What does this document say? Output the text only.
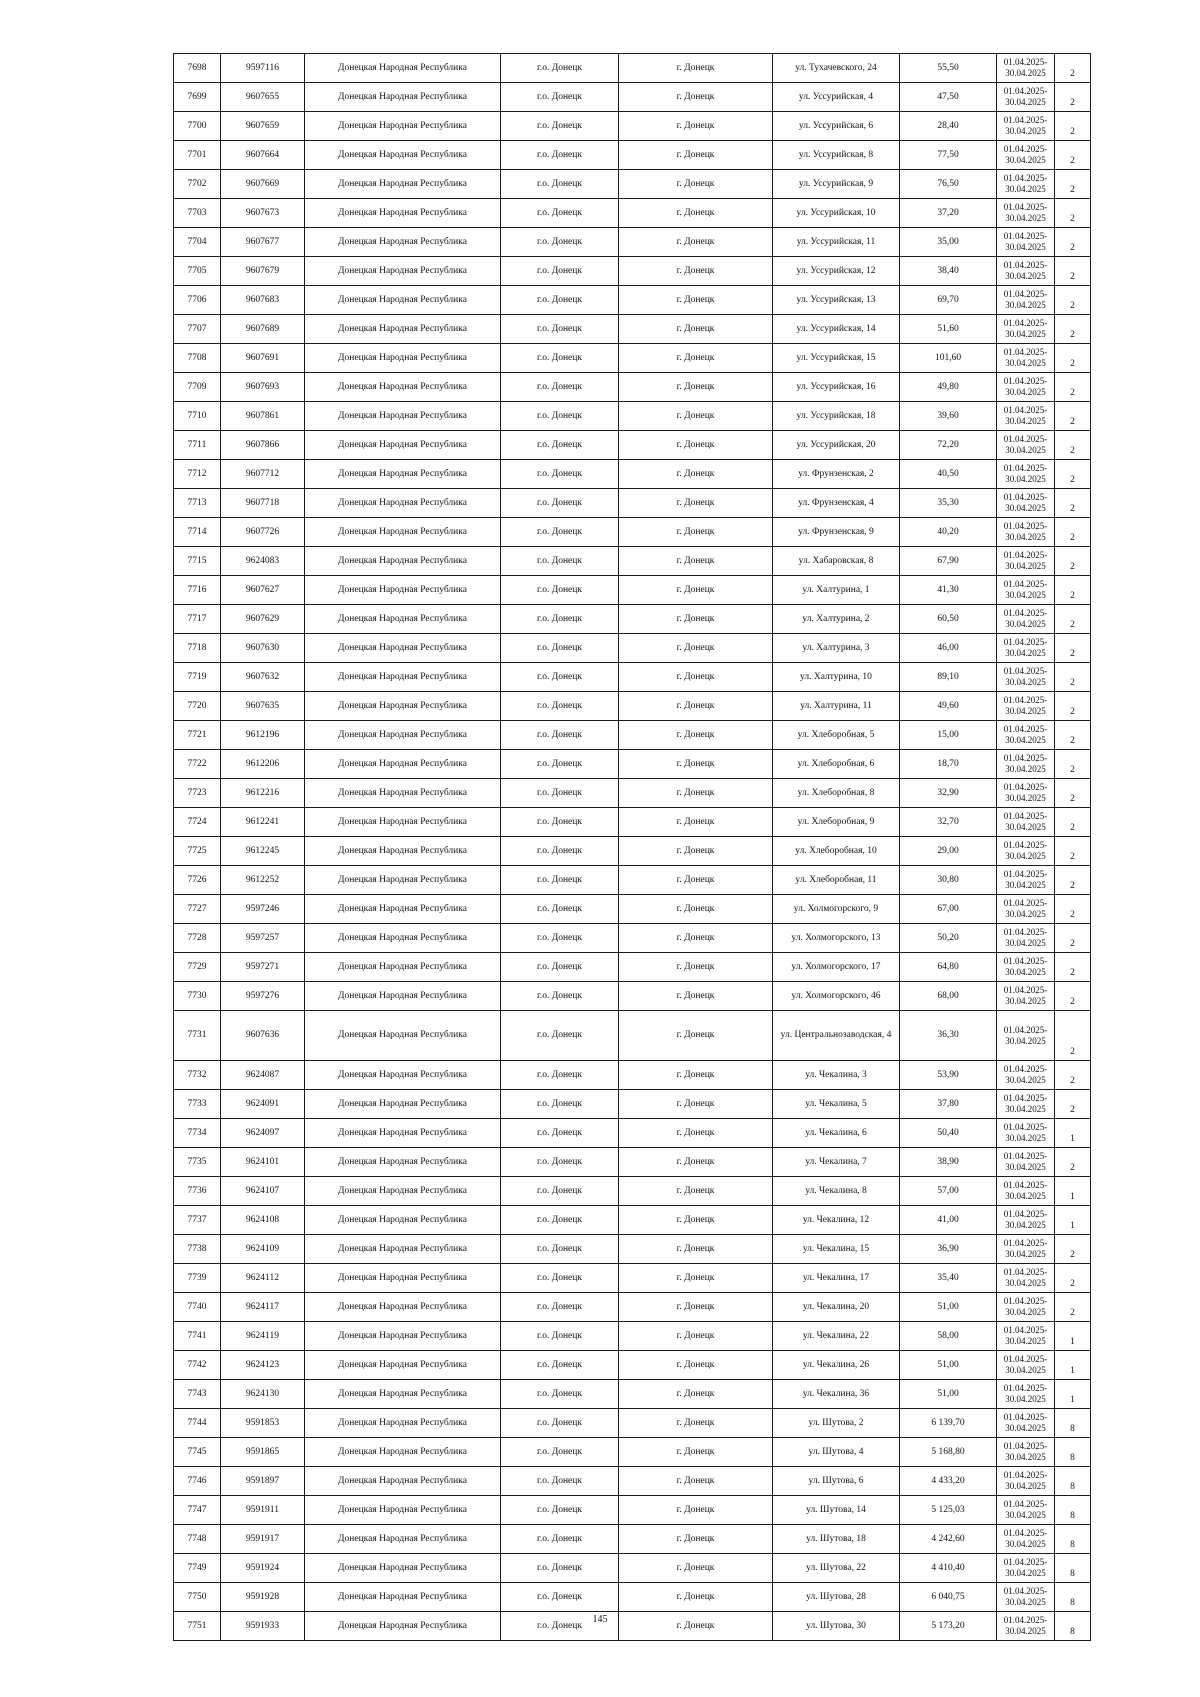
7698	9597116	Донецкая Народная Республика	г.о. Донецк	г. Донецк	ул. Тухачевского, 24	55,50	01.04.2025-
30.04.2025	2
7699	9607655	Донецкая Народная Республика	г.о. Донецк	г. Донецк	ул. Уссурийская, 4	47,50	01.04.2025-
30.04.2025	2
7700	9607659	Донецкая Народная Республика	г.о. Донецк	г. Донецк	ул. Уссурийская, 6	28,40	01.04.2025-
30.04.2025	2
7701	9607664	Донецкая Народная Республика	г.о. Донецк	г. Донецк	ул. Уссурийская, 8	77,50	01.04.2025-
30.04.2025	2
7702	9607669	Донецкая Народная Республика	г.о. Донецк	г. Донецк	ул. Уссурийская, 9	76,50	01.04.2025-
30.04.2025	2
7703	9607673	Донецкая Народная Республика	г.о. Донецк	г. Донецк	ул. Уссурийская, 10	37,20	01.04.2025-
30.04.2025	2
7704	9607677	Донецкая Народная Республика	г.о. Донецк	г. Донецк	ул. Уссурийская, 11	35,00	01.04.2025-
30.04.2025	2
7705	9607679	Донецкая Народная Республика	г.о. Донецк	г. Донецк	ул. Уссурийская, 12	38,40	01.04.2025-
30.04.2025	2
7706	9607683	Донецкая Народная Республика	г.о. Донецк	г. Донецк	ул. Уссурийская, 13	69,70	01.04.2025-
30.04.2025	2
7707	9607689	Донецкая Народная Республика	г.о. Донецк	г. Донецк	ул. Уссурийская, 14	51,60	01.04.2025-
30.04.2025	2
7708	9607691	Донецкая Народная Республика	г.о. Донецк	г. Донецк	ул. Уссурийская, 15	101,60	01.04.2025-
30.04.2025	2
7709	9607693	Донецкая Народная Республика	г.о. Донецк	г. Донецк	ул. Уссурийская, 16	49,80	01.04.2025-
30.04.2025	2
7710	9607861	Донецкая Народная Республика	г.о. Донецк	г. Донецк	ул. Уссурийская, 18	39,60	01.04.2025-
30.04.2025	2
7711	9607866	Донецкая Народная Республика	г.о. Донецк	г. Донецк	ул. Уссурийская, 20	72,20	01.04.2025-
30.04.2025	2
7712	9607712	Донецкая Народная Республика	г.о. Донецк	г. Донецк	ул. Фрунзенская, 2	40,50	01.04.2025-
30.04.2025	2
7713	9607718	Донецкая Народная Республика	г.о. Донецк	г. Донецк	ул. Фрунзенская, 4	35,30	01.04.2025-
30.04.2025	2
7714	9607726	Донецкая Народная Республика	г.о. Донецк	г. Донецк	ул. Фрунзенская, 9	40,20	01.04.2025-
30.04.2025	2
7715	9624083	Донецкая Народная Республика	г.о. Донецк	г. Донецк	ул. Хабаровская, 8	67,90	01.04.2025-
30.04.2025	2
7716	9607627	Донецкая Народная Республика	г.о. Донецк	г. Донецк	ул. Халтурина, 1	41,30	01.04.2025-
30.04.2025	2
7717	9607629	Донецкая Народная Республика	г.о. Донецк	г. Донецк	ул. Халтурина, 2	60,50	01.04.2025-
30.04.2025	2
7718	9607630	Донецкая Народная Республика	г.о. Донецк	г. Донецк	ул. Халтурина, 3	46,00	01.04.2025-
30.04.2025	2
7719	9607632	Донецкая Народная Республика	г.о. Донецк	г. Донецк	ул. Халтурина, 10	89,10	01.04.2025-
30.04.2025	2
7720	9607635	Донецкая Народная Республика	г.о. Донецк	г. Донецк	ул. Халтурина, 11	49,60	01.04.2025-
30.04.2025	2
7721	9612196	Донецкая Народная Республика	г.о. Донецк	г. Донецк	ул. Хлеборобная, 5	15,00	01.04.2025-
30.04.2025	2
7722	9612206	Донецкая Народная Республика	г.о. Донецк	г. Донецк	ул. Хлеборобная, 6	18,70	01.04.2025-
30.04.2025	2
7723	9612216	Донецкая Народная Республика	г.о. Донецк	г. Донецк	ул. Хлеборобная, 8	32,90	01.04.2025-
30.04.2025	2
7724	9612241	Донецкая Народная Республика	г.о. Донецк	г. Донецк	ул. Хлеборобная, 9	32,70	01.04.2025-
30.04.2025	2
7725	9612245	Донецкая Народная Республика	г.о. Донецк	г. Донецк	ул. Хлеборобная, 10	29,00	01.04.2025-
30.04.2025	2
7726	9612252	Донецкая Народная Республика	г.о. Донецк	г. Донецк	ул. Хлеборобная, 11	30,80	01.04.2025-
30.04.2025	2
7727	9597246	Донецкая Народная Республика	г.о. Донецк	г. Донецк	ул. Холмогорского, 9	67,00	01.04.2025-
30.04.2025	2
7728	9597257	Донецкая Народная Республика	г.о. Донецк	г. Донецк	ул. Холмогорского, 13	50,20	01.04.2025-
30.04.2025	2
7729	9597271	Донецкая Народная Республика	г.о. Донецк	г. Донецк	ул. Холмогорского, 17	64,80	01.04.2025-
30.04.2025	2
7730	9597276	Донецкая Народная Республика	г.о. Донецк	г. Донецк	ул. Холмогорского, 46	68,00	01.04.2025-
30.04.2025	2
7731	9607636	Донецкая Народная Республика	г.о. Донецк	г. Донецк	ул. Центральнозаводская, 4	36,30	01.04.2025-
30.04.2025	2
7732	9624087	Донецкая Народная Республика	г.о. Донецк	г. Донецк	ул. Чекалина, 3	53,90	01.04.2025-
30.04.2025	2
7733	9624091	Донецкая Народная Республика	г.о. Донецк	г. Донецк	ул. Чекалина, 5	37,80	01.04.2025-
30.04.2025	2
7734	9624097	Донецкая Народная Республика	г.о. Донецк	г. Донецк	ул. Чекалина, 6	50,40	01.04.2025-
30.04.2025	1
7735	9624101	Донецкая Народная Республика	г.о. Донецк	г. Донецк	ул. Чекалина, 7	38,90	01.04.2025-
30.04.2025	2
7736	9624107	Донецкая Народная Республика	г.о. Донецк	г. Донецк	ул. Чекалина, 8	57,00	01.04.2025-
30.04.2025	1
7737	9624108	Донецкая Народная Республика	г.о. Донецк	г. Донецк	ул. Чекалина, 12	41,00	01.04.2025-
30.04.2025	1
7738	9624109	Донецкая Народная Республика	г.о. Донецк	г. Донецк	ул. Чекалина, 15	36,90	01.04.2025-
30.04.2025	2
7739	9624112	Донецкая Народная Республика	г.о. Донецк	г. Донецк	ул. Чекалина, 17	35,40	01.04.2025-
30.04.2025	2
7740	9624117	Донецкая Народная Республика	г.о. Донецк	г. Донецк	ул. Чекалина, 20	51,00	01.04.2025-
30.04.2025	2
7741	9624119	Донецкая Народная Республика	г.о. Донецк	г. Донецк	ул. Чекалина, 22	58,00	01.04.2025-
30.04.2025	1
7742	9624123	Донецкая Народная Республика	г.о. Донецк	г. Донецк	ул. Чекалина, 26	51,00	01.04.2025-
30.04.2025	1
7743	9624130	Донецкая Народная Республика	г.о. Донецк	г. Донецк	ул. Чекалина, 36	51,00	01.04.2025-
30.04.2025	1
7744	9591853	Донецкая Народная Республика	г.о. Донецк	г. Донецк	ул. Шутова, 2	6 139,70	01.04.2025-
30.04.2025	8
7745	9591865	Донецкая Народная Республика	г.о. Донецк	г. Донецк	ул. Шутова, 4	5 168,80	01.04.2025-
30.04.2025	8
7746	9591897	Донецкая Народная Республика	г.о. Донецк	г. Донецк	ул. Шутова, 6	4 433,20	01.04.2025-
30.04.2025	8
7747	9591911	Донецкая Народная Республика	г.о. Донецк	г. Донецк	ул. Шутова, 14	5 125,03	01.04.2025-
30.04.2025	8
7748	9591917	Донецкая Народная Республика	г.о. Донецк	г. Донецк	ул. Шутова, 18	4 242,60	01.04.2025-
30.04.2025	8
7749	9591924	Донецкая Народная Республика	г.о. Донецк	г. Донецк	ул. Шутова, 22	4 410,40	01.04.2025-
30.04.2025	8
7750	9591928	Донецкая Народная Республика	г.о. Донецк	г. Донецк	ул. Шутова, 28	6 040,75	01.04.2025-
30.04.2025	8
7751	9591933	Донецкая Народная Республика	г.о. Донецк	г. Донецк	ул. Шутова, 30	5 173,20	01.04.2025-
30.04.2025	8
145
